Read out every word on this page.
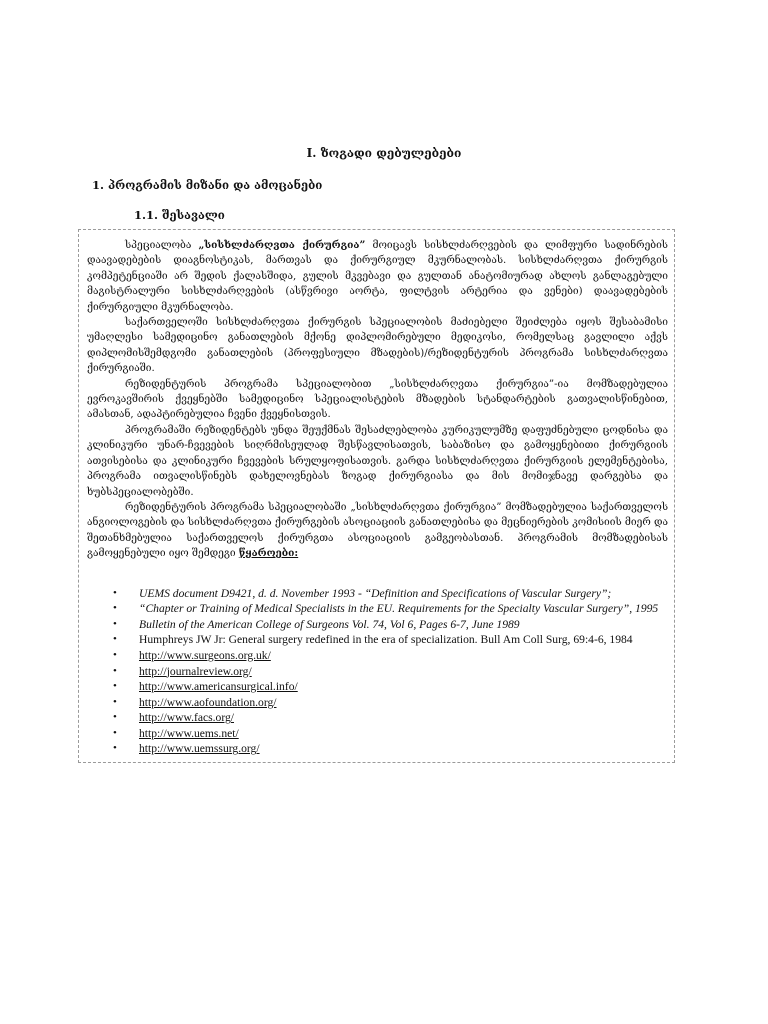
I. ზოგადი დებულებები
1. პროგრამის მიზანი და ამოცანები
1.1. შესავალი

სპეციალობა „სისხლძარღვთა ქირურგია” მოიცავს სისხლძარღვების და ლიმფური სადინრების დაავადებების დიაგნოსტიკას, მართვას და ქირურგიულ მკურნალობას. სისხლძარღვთა ქირურგის კომპეტენციაში არ შედის ქალასშიდა, გულის მკვებავი და გულთან ანატომიურად ახლოს განლაგებული მაგისტრალური სისხლძარღვების (ასწვრივი აორტა, ფილტვის არტერია და ვენები) დაავადებების ქირურგიული მკურნალობა.

საქართველოში სისხლძარღვთა ქირურგის სპეციალობის მაძიებელი შეიძლება იყოს შესაბამისი უმაღლესი სამედიცინო განათლების მქონე დიპლომირებული მედიკოსი, რომელსაც გავლილი აქვს დიპლომისშემდგომი განათლების (პროფესიული მზადების)/რეზიდენტურის პროგრამა სისხლძარღვთა ქირურგიაში.

რეზიდენტურის პროგრამა სპეციალობით „სისხლძარღვთა ქირურგია”-ია მომზადებულია ევროკავშირის ქვეყნებში სამედიცინო სპეციალისტების მზადების სტანდარტების გათვალისწინებით, ამასთან, ადაპტირებულია ჩვენი ქვეყნისთვის.

პროგრამაში რეზიდენტებს უნდა შეუქმნას შესაძლებლობა კურიკულუმზე დაფუძნებული ცოდნისა და კლინიკური უნარ-ჩვევების სიღრმისეულად შესწავლისათვის, საბაზისო და გამოყენებითი ქირურგიის ათვისებისა და კლინიკური ჩვევების სრულყოფისათვის. გარდა სისხლძარღვთა ქირურგიის ელემენტებისა, პროგრამა ითვალისწინებს დახელოვნებას ზოგად ქირურგიასა და მის მომიჯნავე დარგებსა და ხუბსპეციალობებში.

რეზიდენტურის პროგრამა სპეციალობაში „სისხლძარღვთა ქირურგია” მომზადებულია საქართველოს ანგიოლოგების და სისხლძარღვთა ქირურგების ასოციაციის განათლებისა და მეცნიერების კომისიის მიერ და შეთანხმებულია საქართველოს ქირურგთა ასოციაციის გამგეობასთან. პროგრამის მომზადებისას გამოყენებული იყო შემდეგი წყაროები:

• UEMS document D9421, d. d. November 1993 - “Definition and Specifications of Vascular Surgery”;
• “Chapter or Training of Medical Specialists in the EU. Requirements for the Specialty Vascular Surgery”, 1995
• Bulletin of the American College of Surgeons Vol. 74, Vol 6, Pages 6-7, June 1989
• Humphreys JW Jr: General surgery redefined in the era of specialization. Bull Am Coll Surg, 69:4-6, 1984
• http://www.surgeons.org.uk/
• http://journalreview.org/
• http://www.americansurgical.info/
• http://www.aofoundation.org/
• http://www.facs.org/
• http://www.uems.net/
• http://www.uemssurg.org/
